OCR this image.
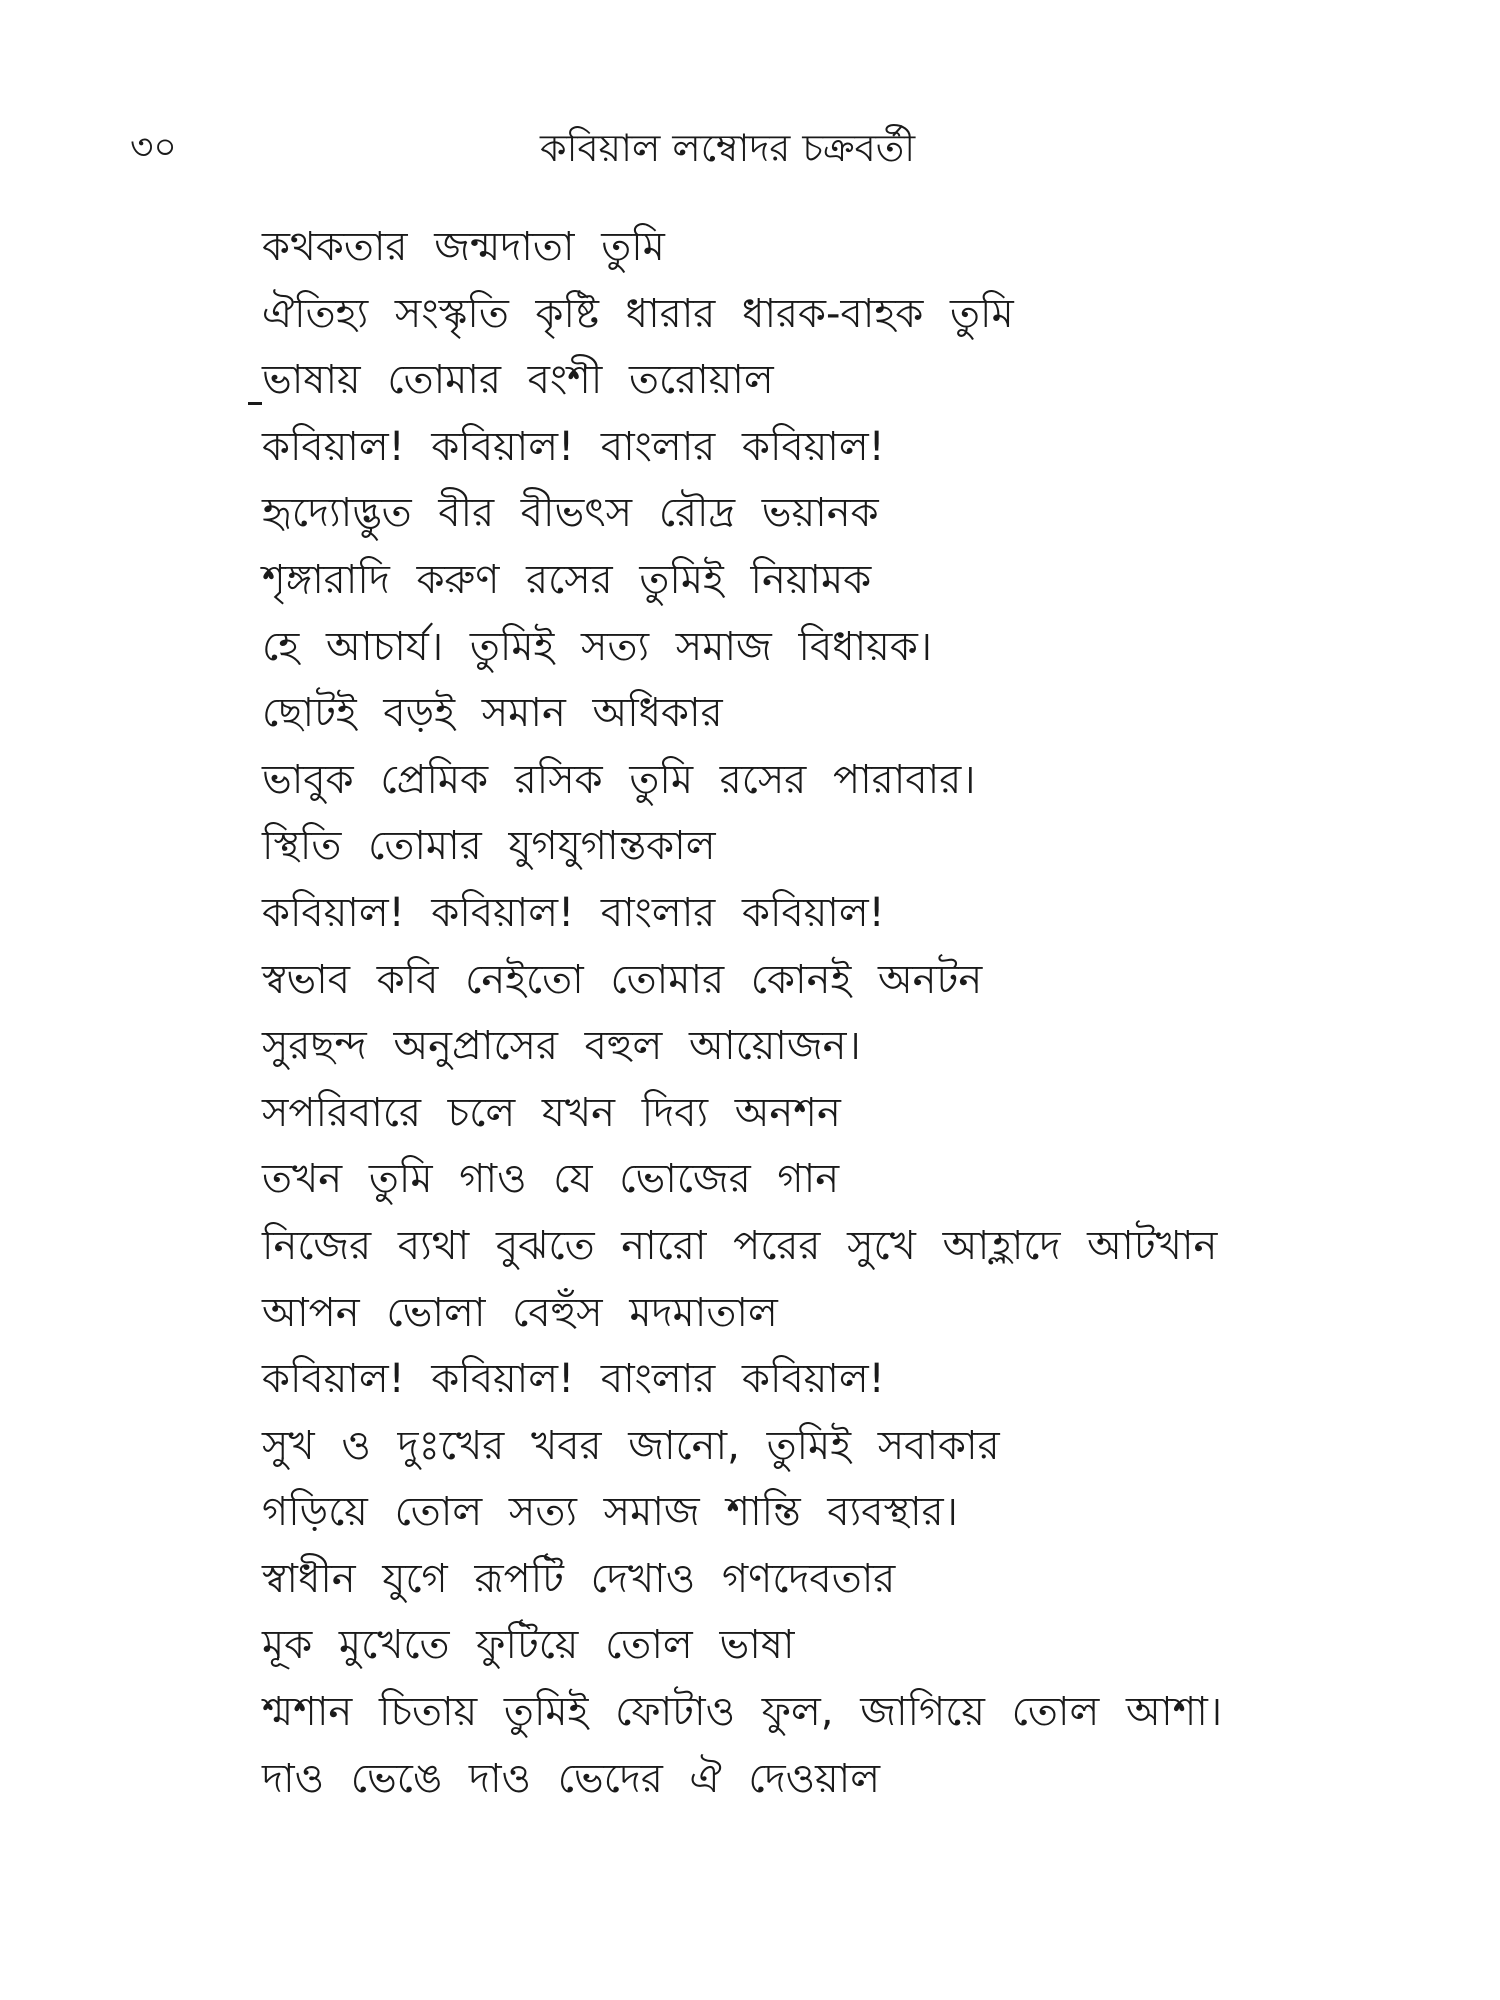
৩০	কবিয়াল লম্বোদর চক্রবর্তী
কথকতার জন্মদাতা তুমি
ঐতিহ্য সংস্কৃতি কৃষ্টি ধারার ধারক-বাহক তুমি
ভাষায় তোমার বংশী তরোয়াল
কবিয়াল! কবিয়াল! বাংলার কবিয়াল!
হৃদ্যোদ্ভুত বীর বীভৎস রৌদ্র ভয়ানক
শৃঙ্গারাদি করুণ রসের তুমিই নিয়ামক
হে আচার্য। তুমিই সত্য সমাজ বিধায়ক।
ছোটই বড়ই সমান অধিকার
ভাবুক প্রেমিক রসিক তুমি রসের পারাবার।
স্থিতি তোমার যুগযুগান্তকাল
কবিয়াল! কবিয়াল! বাংলার কবিয়াল!
স্বভাব কবি নেইতো তোমার কোনই অনটন
সুরছন্দ অনুপ্রাসের বহুল আয়োজন।
সপরিবারে চলে যখন দিব্য অনশন
তখন তুমি গাও যে ভোজের গান
নিজের ব্যথা বুঝতে নারো পরের সুখে আহ্লাদে আটখান
আপন ভোলা বেহুঁস মদমাতাল
কবিয়াল! কবিয়াল! বাংলার কবিয়াল!
সুখ ও দুঃখের খবর জানো, তুমিই সবাকার
গড়িয়ে তোল সত্য সমাজ শান্তি ব্যবস্থার।
স্বাধীন যুগে রূপটি দেখাও গণদেবতার
মূক মুখেতে ফুটিয়ে তোল ভাষা
শ্মশান চিতায় তুমিই ফোটাও ফুল, জাগিয়ে তোল আশা।
দাও ভেঙে দাও ভেদের ঐ দেওয়াল
